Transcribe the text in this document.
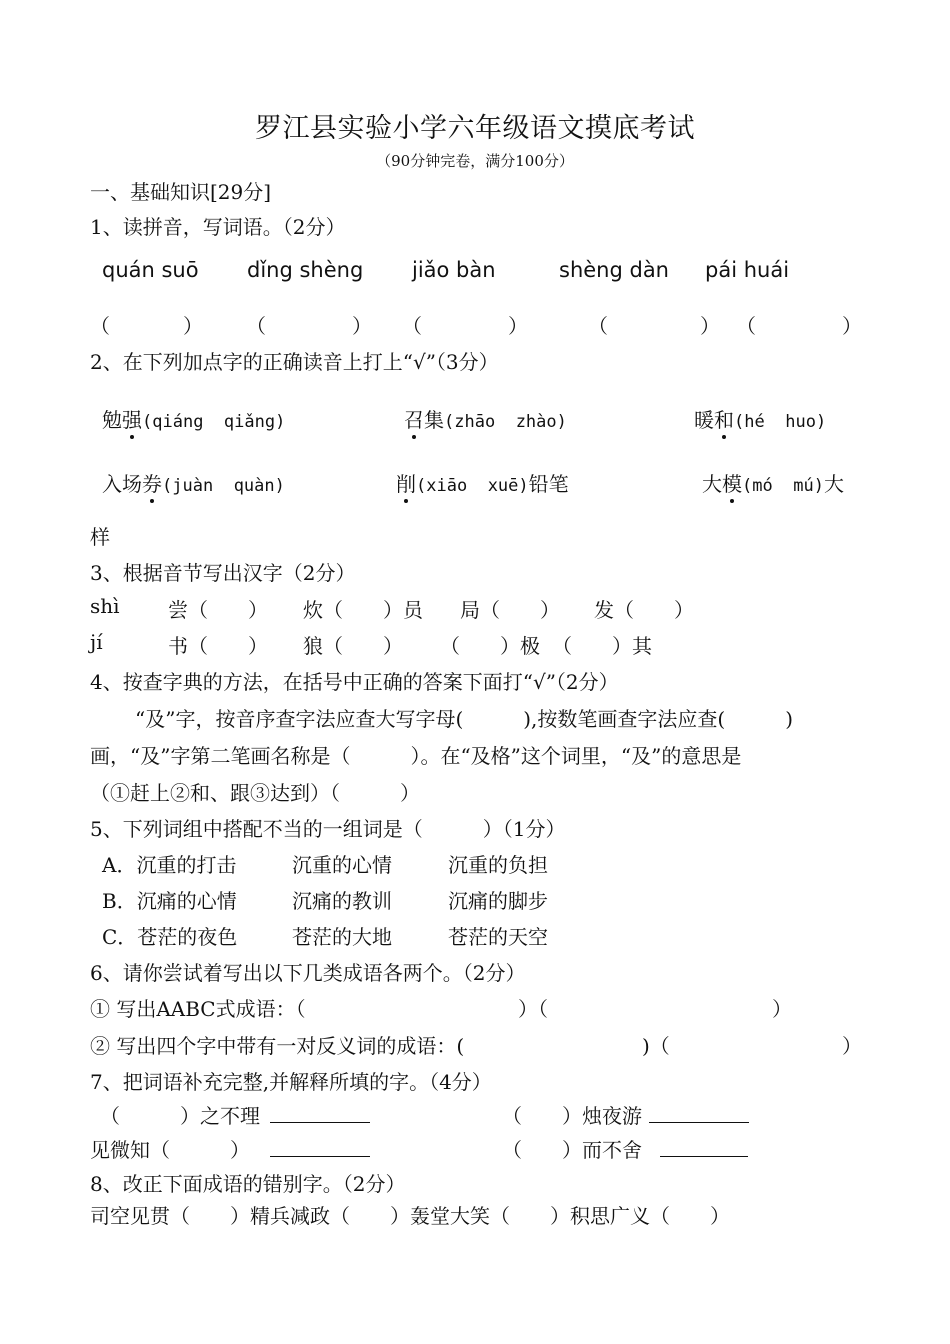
罗江县实验小学六年级语文摸底考试
（90分钟完卷，满分100分）
一、基础知识[29分]
1、读拼音，写词语。（2分）
quán suō dǐng shèng jiǎo bàn	shèng dàn pái huái
（	） （	） （	）	（	） （	）
2、在下列加点字的正确读音上打上“√”（3分）
勉强(qiáng qiǎng)	召集(zhāo zhào)	暖和(hé huo)
入场券(juàn quàn)	削(xiāo xuē)铅笔	大模(mó mú)大
样
3、根据音节写出汉字（2分）
shì 尝（　　） 炊（　　）员 局（　　） 发（　　）
jí	书（　　） 狼（　　） （　　）极 （　　）其
4、按查字典的方法，在括号中正确的答案下面打“√”（2分）
“及”字，按音序查字法应查大写字母(　　　),按数笔画查字法应查(　　　)
画，“及”字第二笔画名称是（　　　）。在“及格”这个词里，“及”的意思是
（①赶上②和、跟③达到）（　　　）
5、下列词组中搭配不当的一组词是（　　　）（1分）
A．沉重的打击	沉重的心情	沉重的负担
B．沉痛的心情	沉痛的教训	沉痛的脚步
C．苍茫的夜色	苍茫的大地	苍茫的天空
6、请你尝试着写出以下几类成语各两个。（2分）
① 写出AABC式成语：（	）（	）
② 写出四个字中带有一对反义词的成语：(	)（	）
7、把词语补充完整,并解释所填的字。（4分）
（　　　）之不理	（　　）烛夜游
见微知（　　　）	（　　）而不舍
8、改正下面成语的错别字。（2分）
司空见贯（　　）精兵减政（　　）轰堂大笑（　　）积思广义（　　）
